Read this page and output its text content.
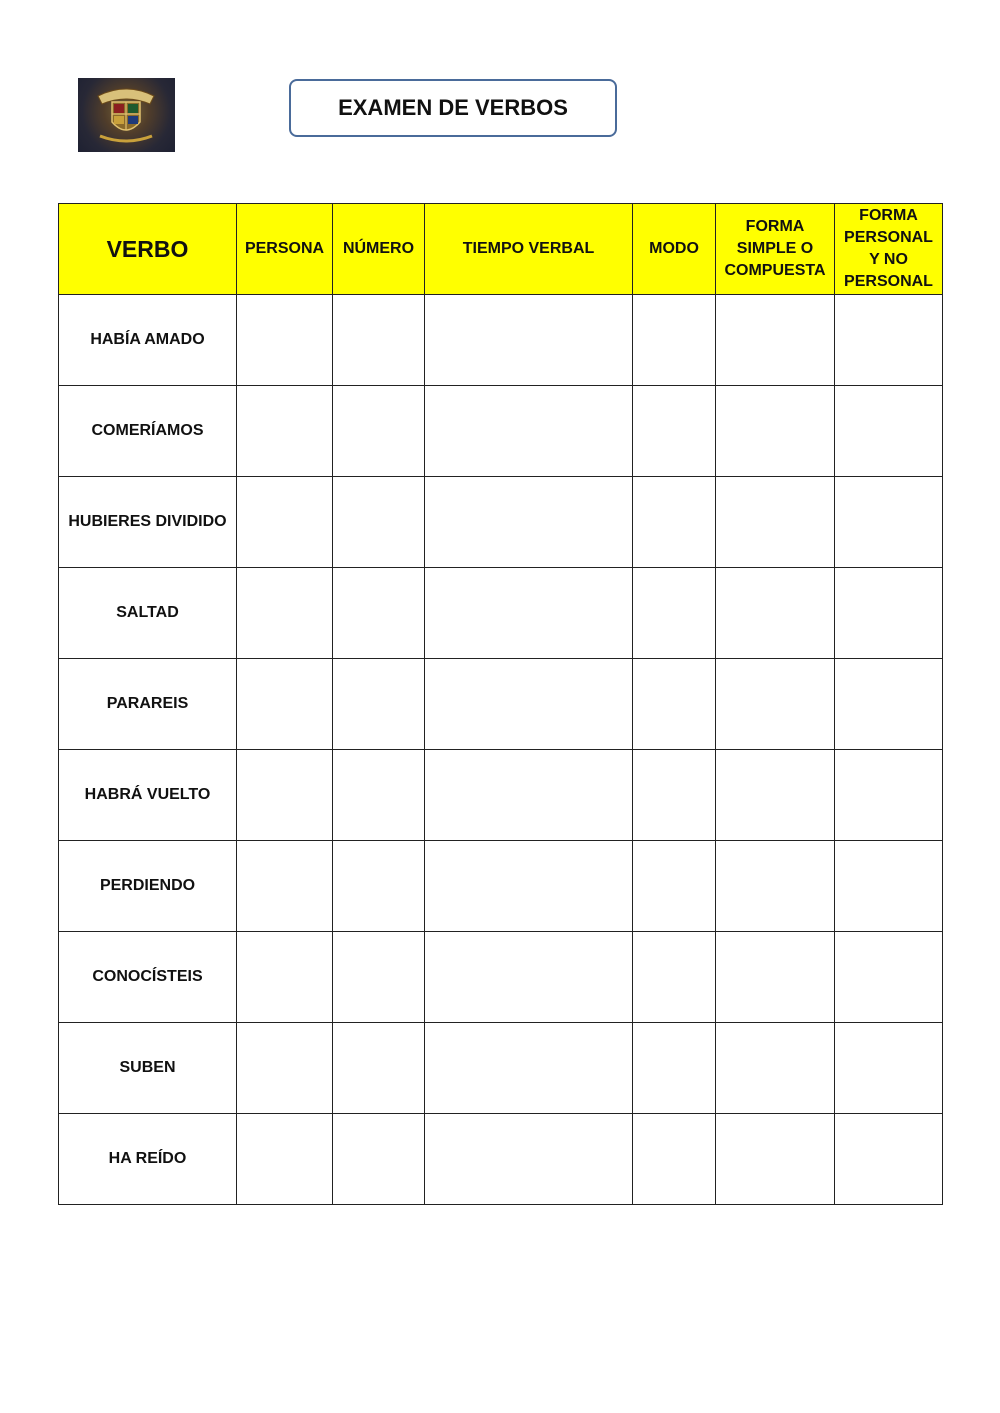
EXAMEN DE VERBOS
VERBO	PERSONA	NÚMERO	TIEMPO VERBAL	MODO	FORMA SIMPLE O COMPUESTA	FORMA PERSONAL Y NO PERSONAL
HABÍA AMADO						
COMERÍAMOS						
HUBIERES DIVIDIDO						
SALTAD						
PARAREIS						
HABRÁ VUELTO						
PERDIENDO						
CONOCÍSTEIS						
SUBEN						
HA REÍDO						
